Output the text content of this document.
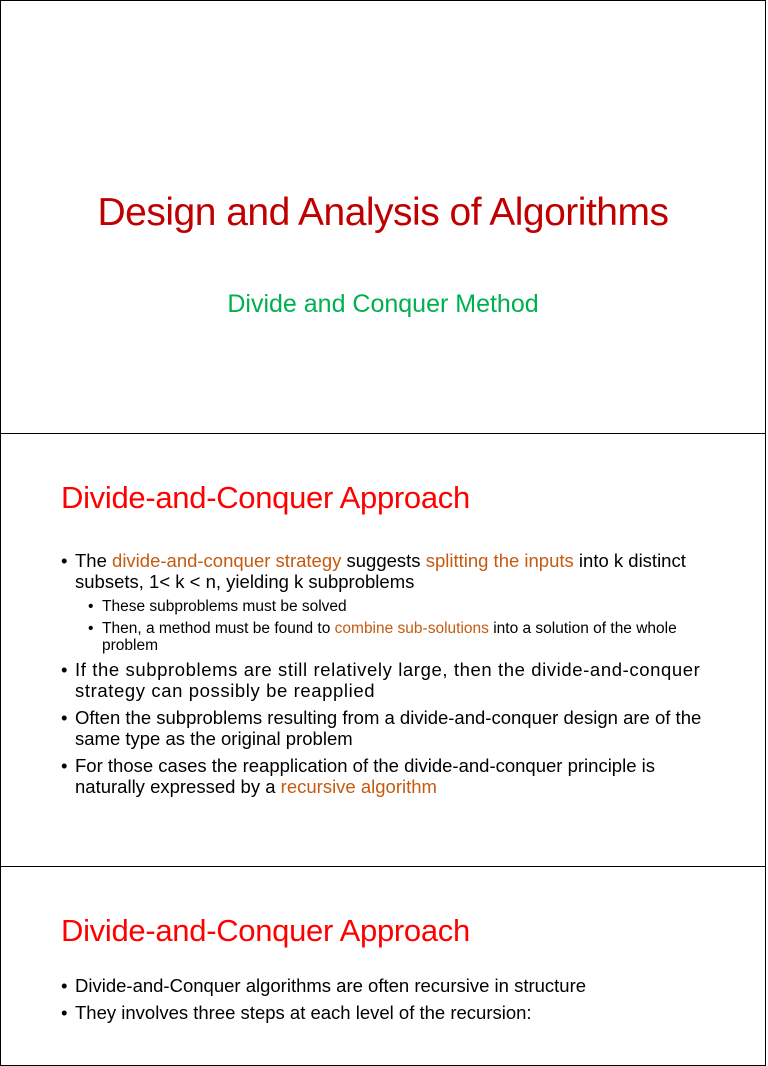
Design and Analysis of Algorithms
Divide and Conquer Method
Divide-and-Conquer Approach
• The divide-and-conquer strategy suggests splitting the inputs into k distinct subsets, 1< k < n, yielding k subproblems
• These subproblems must be solved
• Then, a method must be found to combine sub-solutions into a solution of the whole problem
• If the subproblems are still relatively large, then the divide-and-conquer strategy can possibly be reapplied
• Often the subproblems resulting from a divide-and-conquer design are of the same type as the original problem
• For those cases the reapplication of the divide-and-conquer principle is naturally expressed by a recursive algorithm
Divide-and-Conquer Approach
• Divide-and-Conquer algorithms are often recursive in structure
• They involves three steps at each level of the recursion:
